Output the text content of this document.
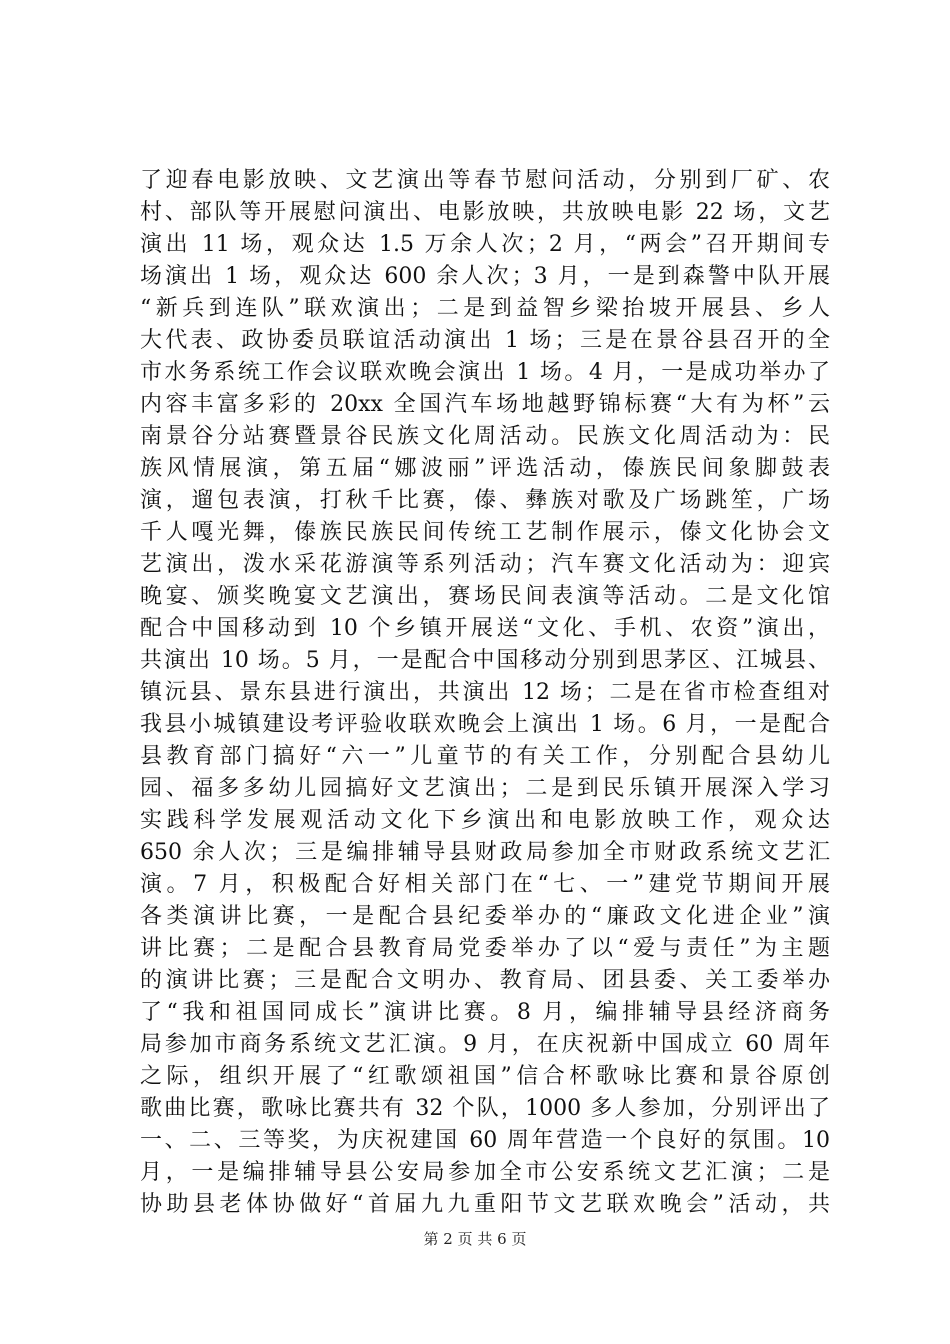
了迎春电影放映、文艺演出等春节慰问活动，分别到厂矿、农
村、部队等开展慰问演出、电影放映，共放映电影 22 场，文艺
演出 11 场，观众达 1.5 万余人次；2 月，“两会”召开期间专
场演出 1 场，观众达 600 余人次；3 月，一是到森警中队开展
“新兵到连队”联欢演出；二是到益智乡梁抬坡开展县、乡人
大代表、政协委员联谊活动演出 1 场；三是在景谷县召开的全
市水务系统工作会议联欢晚会演出 1 场。4 月，一是成功举办了
内容丰富多彩的 20xx 全国汽车场地越野锦标赛“大有为杯”云
南景谷分站赛暨景谷民族文化周活动。民族文化周活动为：民
族风情展演，第五届“娜波丽”评选活动，傣族民间象脚鼓表
演，遛包表演，打秋千比赛，傣、彝族对歌及广场跳笙，广场
千人嘎光舞，傣族民族民间传统工艺制作展示，傣文化协会文
艺演出，泼水采花游演等系列活动；汽车赛文化活动为：迎宾
晚宴、颁奖晚宴文艺演出，赛场民间表演等活动。二是文化馆
配合中国移动到 10 个乡镇开展送“文化、手机、农资”演出，
共演出 10 场。5 月，一是配合中国移动分别到思茅区、江城县、
镇沅县、景东县进行演出，共演出 12 场；二是在省市检查组对
我县小城镇建设考评验收联欢晚会上演出 1 场。6 月，一是配合
县教育部门搞好“六一”儿童节的有关工作，分别配合县幼儿
园、福多多幼儿园搞好文艺演出；二是到民乐镇开展深入学习
实践科学发展观活动文化下乡演出和电影放映工作，观众达
650 余人次；三是编排辅导县财政局参加全市财政系统文艺汇
演。7 月，积极配合好相关部门在“七、一”建党节期间开展
各类演讲比赛，一是配合县纪委举办的“廉政文化进企业”演
讲比赛；二是配合县教育局党委举办了以“爱与责任”为主题
的演讲比赛；三是配合文明办、教育局、团县委、关工委举办
了“我和祖国同成长”演讲比赛。8 月，编排辅导县经济商务
局参加市商务系统文艺汇演。9 月，在庆祝新中国成立 60 周年
之际，组织开展了“红歌颂祖国”信合杯歌咏比赛和景谷原创
歌曲比赛，歌咏比赛共有 32 个队，1000 多人参加，分别评出了
一、二、三等奖，为庆祝建国 60 周年营造一个良好的氛围。10
月，一是编排辅导县公安局参加全市公安系统文艺汇演；二是
协助县老体协做好“首届九九重阳节文艺联欢晚会”活动，共
第 2 页 共 6 页
